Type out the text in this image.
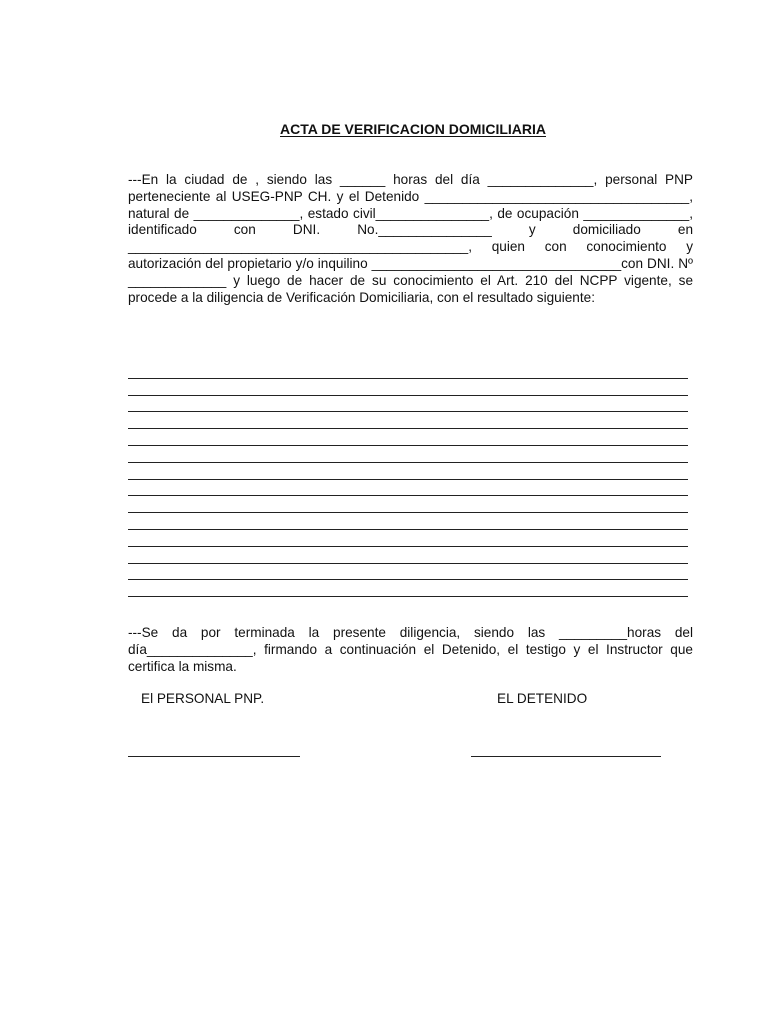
ACTA DE VERIFICACION DOMICILIARIA

---En la ciudad de , siendo las ______ horas del día ______________, personal PNP perteneciente al USEG-PNP CH. y el Detenido ___________________________________, natural de ______________, estado civil_______________, de ocupación ______________, identificado con DNI. No._______________ y domiciliado en _____________________________________________, quien con conocimiento y autorización del propietario y/o inquilino _________________________________con DNI. Nº _____________ y luego de hacer de su conocimiento el Art. 210 del NCPP vigente, se procede a la diligencia de Verificación Domiciliaria, con el resultado siguiente:

---Se da por terminada la presente diligencia, siendo las _________horas del día______________, firmando a continuación el Detenido, el testigo y el Instructor que certifica la misma.

El PERSONAL PNP.	EL DETENIDO
